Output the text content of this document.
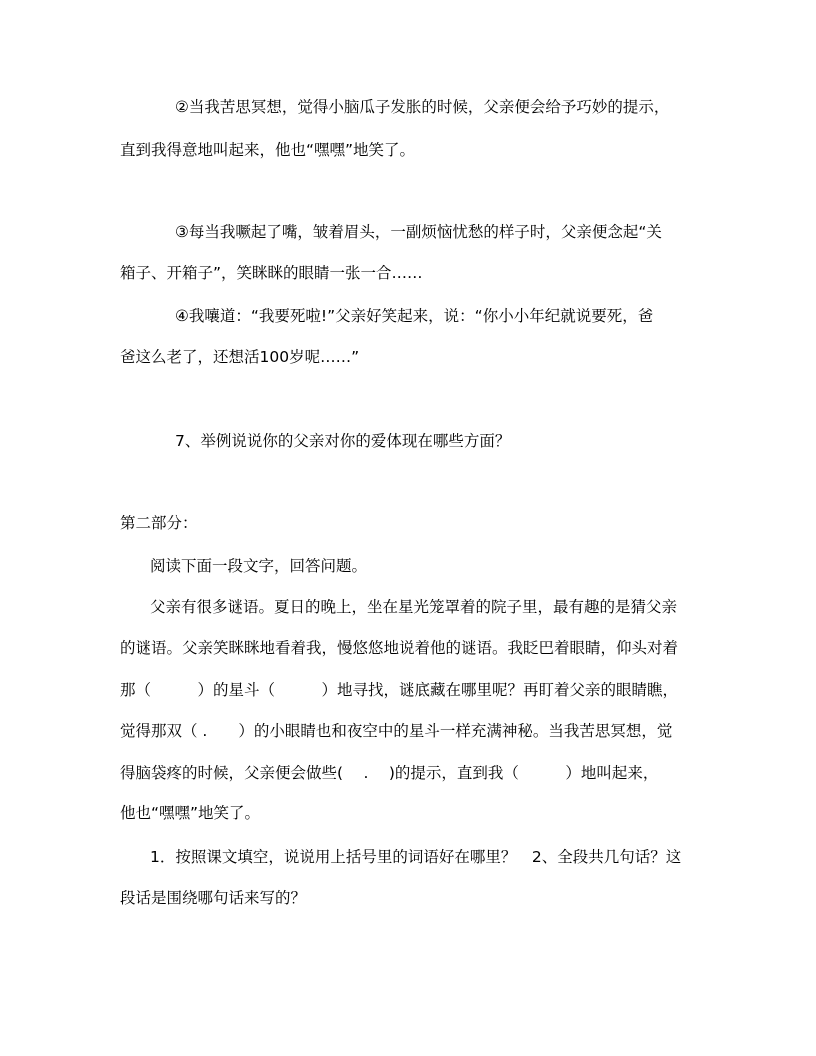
②当我苦思冥想，觉得小脑瓜子发胀的时候，父亲便会给予巧妙的提示，
直到我得意地叫起来，他也“嘿嘿”地笑了。
③每当我噘起了嘴，皱着眉头，一副烦恼忧愁的样子时，父亲便念起“关
箱子、开箱子”，笑眯眯的眼睛一张一合……
④我嚷道：“我要死啦!”父亲好笑起来，说：“你小小年纪就说要死，爸
爸这么老了，还想活100岁呢……”
7、举例说说你的父亲对你的爱体现在哪些方面？
第二部分：
阅读下面一段文字，回答问题。
父亲有很多谜语。夏日的晚上，坐在星光笼罩着的院子里，最有趣的是猜父亲
的谜语。父亲笑眯眯地看着我，慢悠悠地说着他的谜语。我眨巴着眼睛，仰头对着
那（　　　）的星斗（　　　）地寻找，谜底藏在哪里呢？再盯着父亲的眼睛瞧，
觉得那双（ .　　）的小眼睛也和夜空中的星斗一样充满神秘。当我苦思冥想，觉
得脑袋疼的时候，父亲便会做些(　 .　 )的提示，直到我（　　　）地叫起来，
他也“嘿嘿”地笑了。
1．按照课文填空，说说用上括号里的词语好在哪里？　2、全段共几句话？这
段话是围绕哪句话来写的？
